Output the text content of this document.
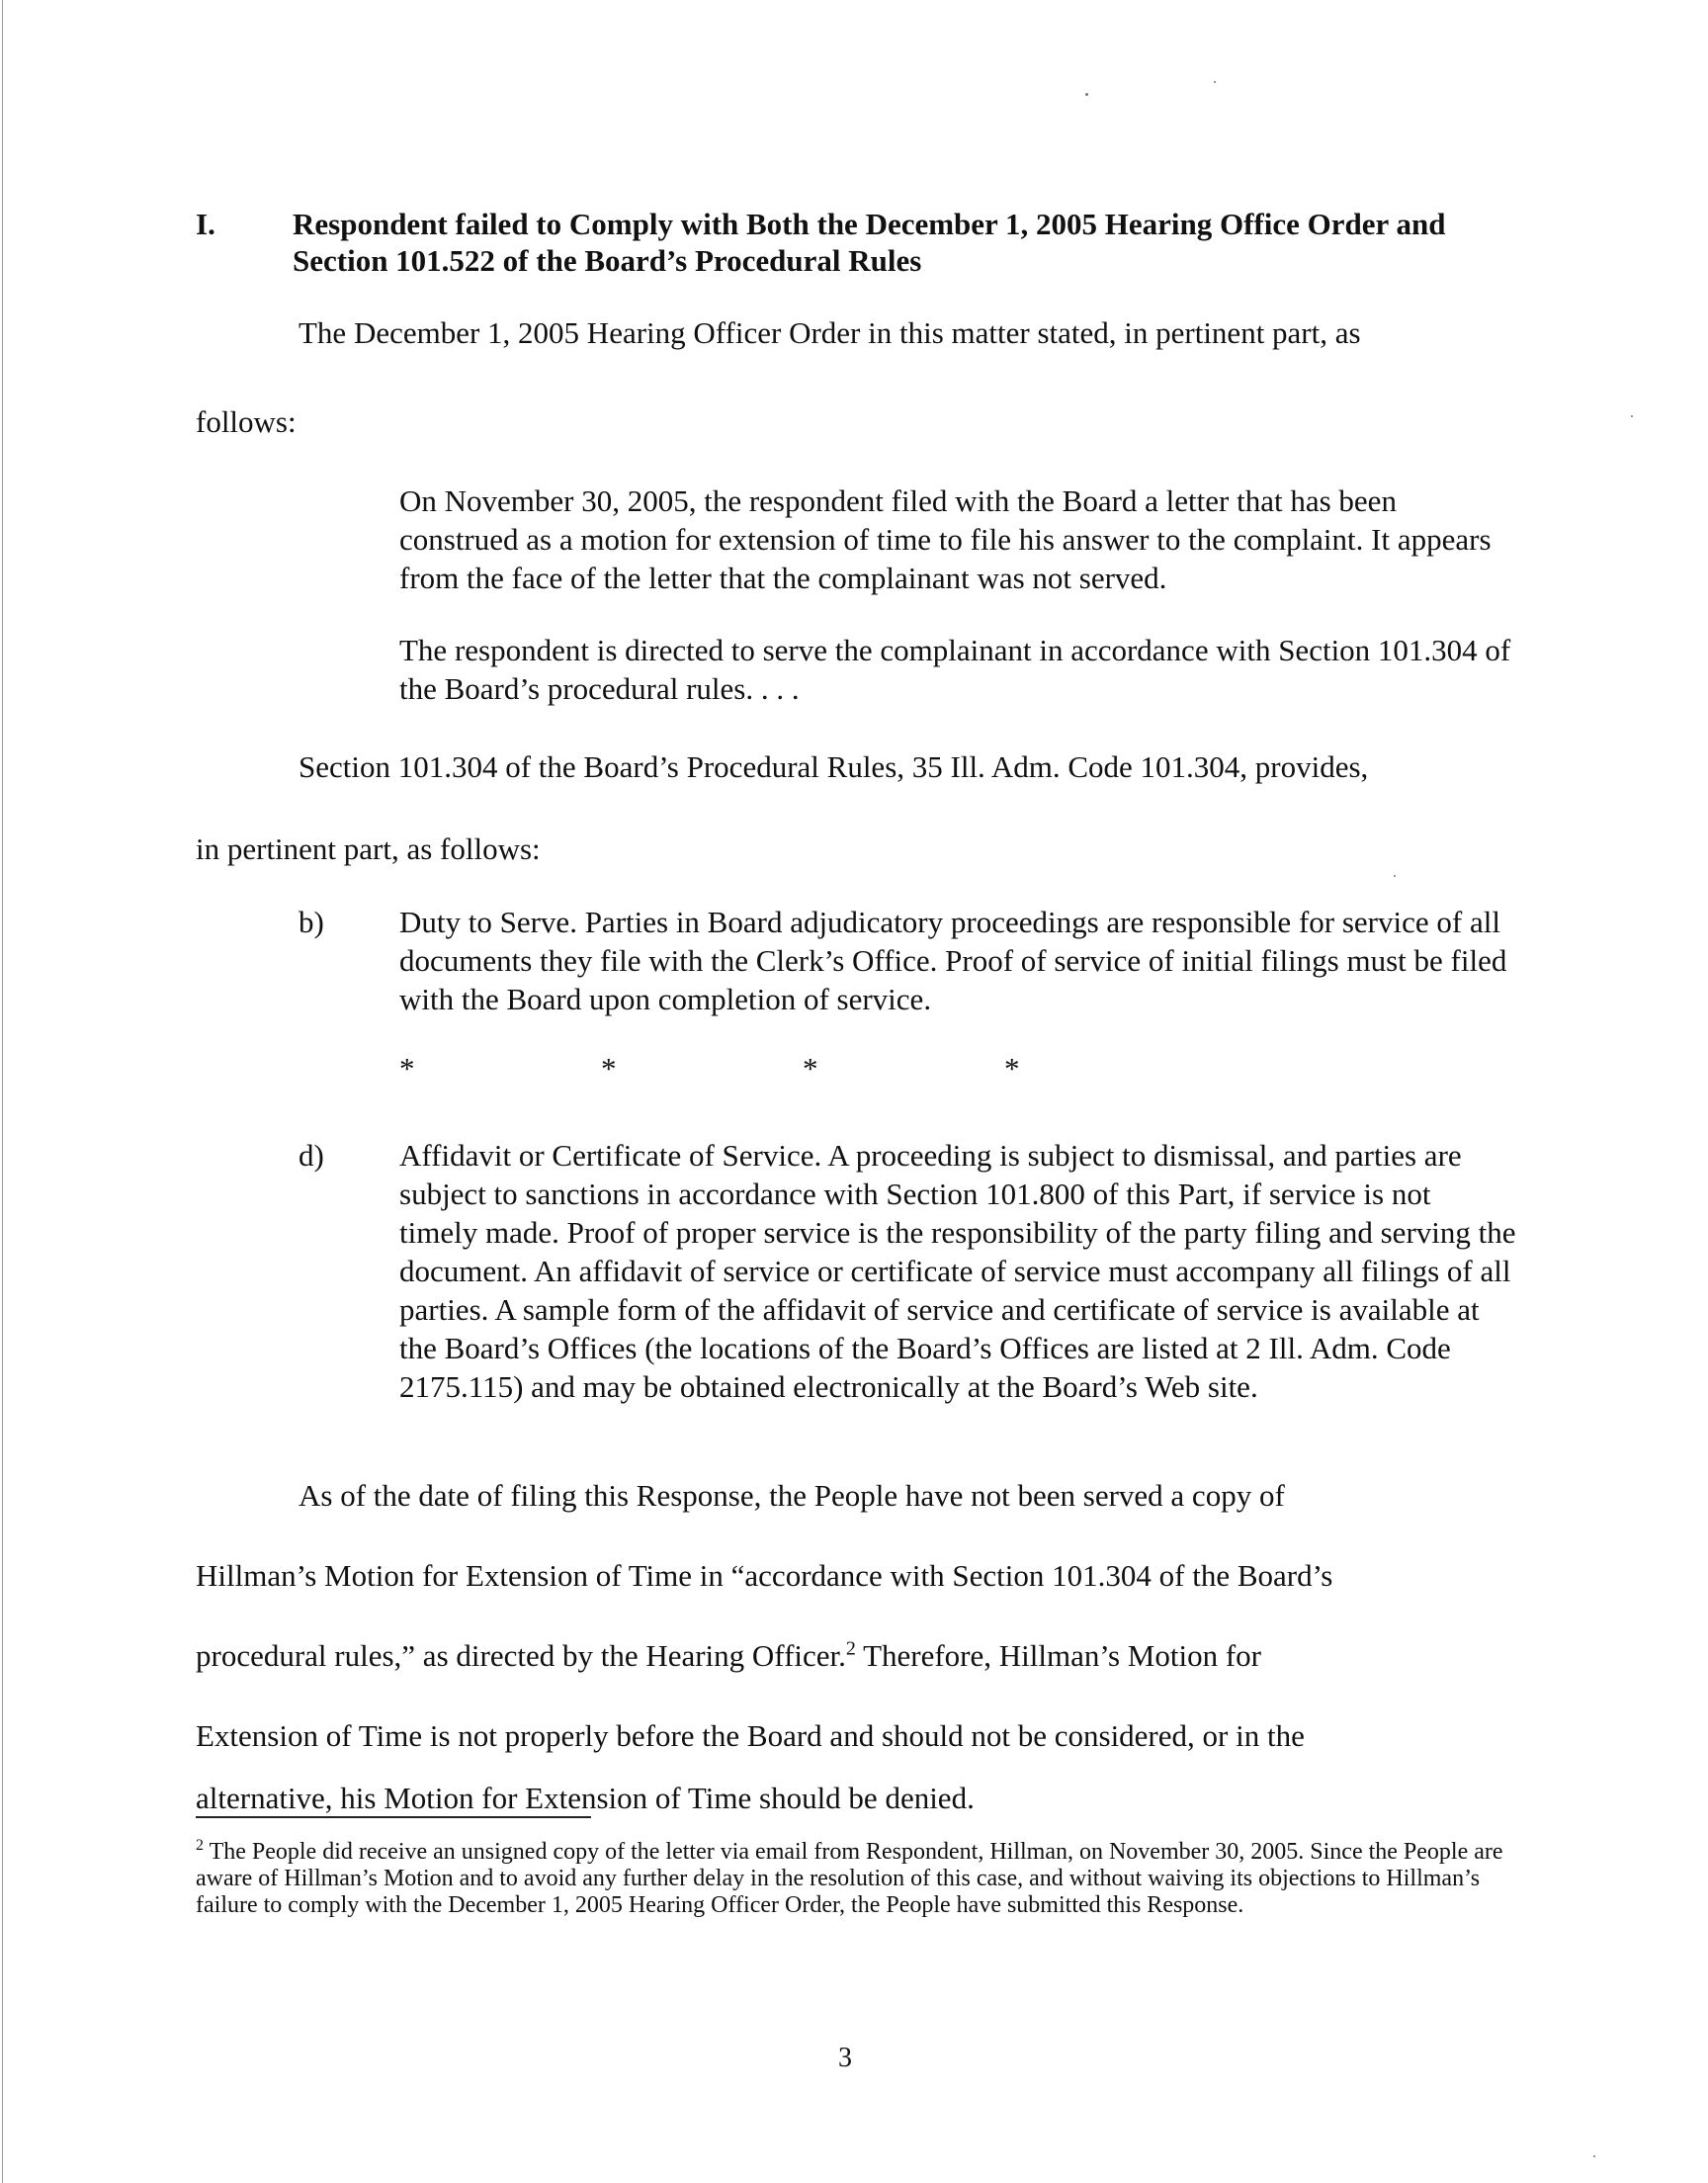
I.	Respondent failed to Comply with Both the December 1, 2005 Hearing Office Order and Section 101.522 of the Board’s Procedural Rules
The December 1, 2005 Hearing Officer Order in this matter stated, in pertinent part, as
follows:
On November 30, 2005, the respondent filed with the Board a letter that has been construed as a motion for extension of time to file his answer to the complaint. It appears from the face of the letter that the complainant was not served.
The respondent is directed to serve the complainant in accordance with Section 101.304 of the Board’s procedural rules. . . .
Section 101.304 of the Board’s Procedural Rules, 35 Ill. Adm. Code 101.304, provides,
in pertinent part, as follows:
b) Duty to Serve. Parties in Board adjudicatory proceedings are responsible for service of all documents they file with the Clerk’s Office. Proof of service of initial filings must be filed with the Board upon completion of service.
*	*	*	*
d) Affidavit or Certificate of Service. A proceeding is subject to dismissal, and parties are subject to sanctions in accordance with Section 101.800 of this Part, if service is not timely made. Proof of proper service is the responsibility of the party filing and serving the document. An affidavit of service or certificate of service must accompany all filings of all parties. A sample form of the affidavit of service and certificate of service is available at the Board’s Offices (the locations of the Board’s Offices are listed at 2 Ill. Adm. Code 2175.115) and may be obtained electronically at the Board’s Web site.
As of the date of filing this Response, the People have not been served a copy of
Hillman’s Motion for Extension of Time in “accordance with Section 101.304 of the Board’s
procedural rules,” as directed by the Hearing Officer.$^2$ Therefore, Hillman’s Motion for
Extension of Time is not properly before the Board and should not be considered, or in the
alternative, his Motion for Extension of Time should be denied.
$^2$ The People did receive an unsigned copy of the letter via email from Respondent, Hillman, on November 30, 2005. Since the People are aware of Hillman’s Motion and to avoid any further delay in the resolution of this case, and without waiving its objections to Hillman’s failure to comply with the December 1, 2005 Hearing Officer Order, the People have submitted this Response.
3
